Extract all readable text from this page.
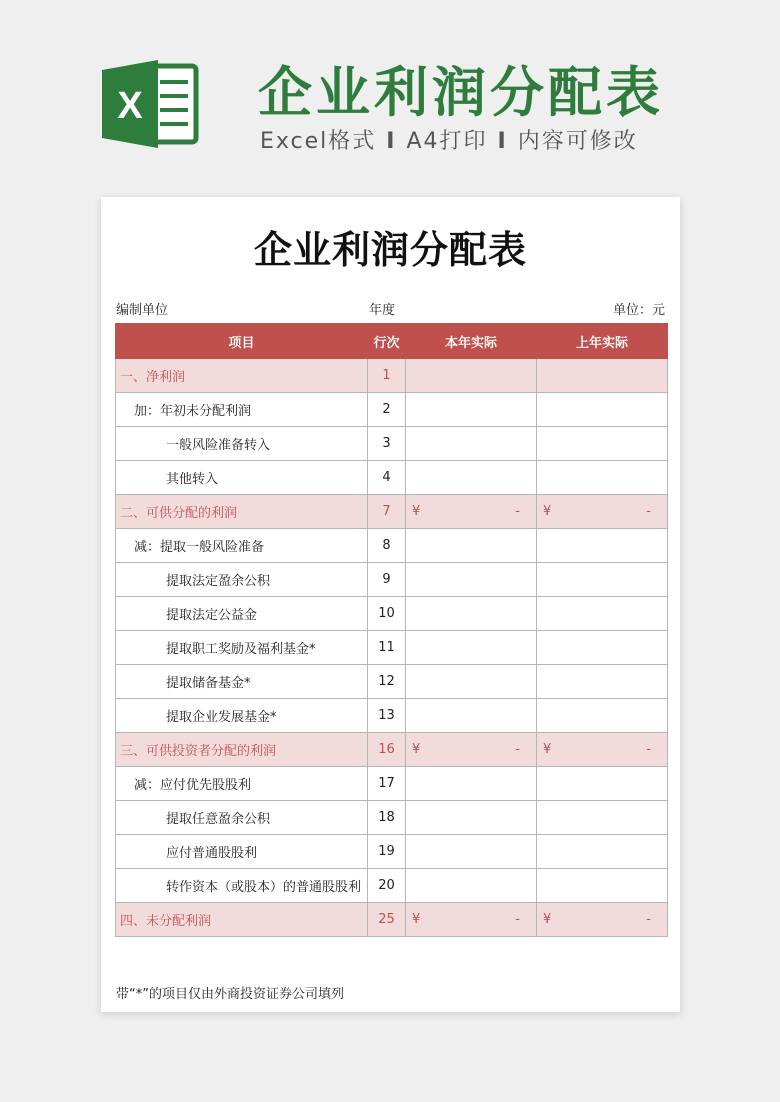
X 企业利润分配表
Excel格式 I A4打印 I 内容可修改
企业利润分配表
编制单位	年度	单位：元
项目	行次	本年实际	上年实际
一、净利润	1		
加：年初未分配利润	2		
一般风险准备转入	3		
其他转入	4		
二、可供分配的利润	7	¥ -	¥ -

减：提取一般风险准备	8		
提取法定盈余公积	9		
提取法定公益金	10		
提取职工奖励及福利基金*	11		
提取储备基金*	12		
提取企业发展基金*	13		
三、可供投资者分配的利润	16	¥ -	¥ -

减：应付优先股股利	17		
提取任意盈余公积	18		
应付普通股股利	19		
转作资本（或股本）的普通股股利	20		
四、未分配利润	25	¥ -	¥ -
带“*”的项目仅由外商投资证券公司填列
